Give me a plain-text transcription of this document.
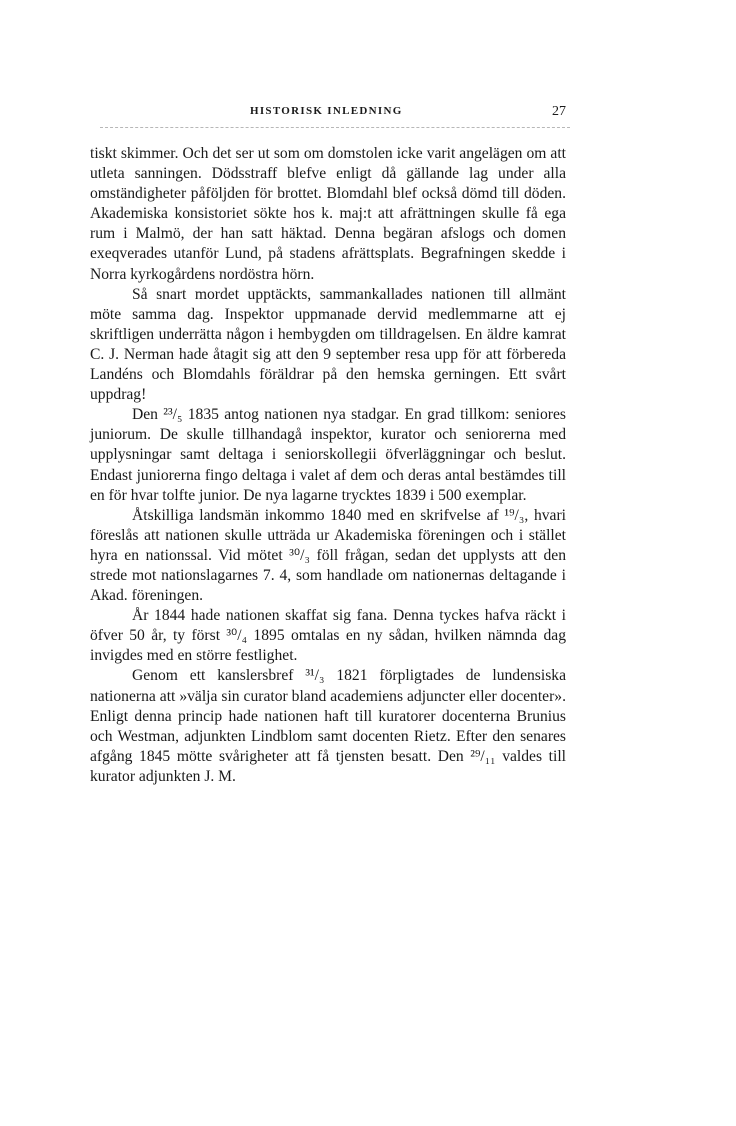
HISTORISK INLEDNING	27

tiskt skimmer. Och det ser ut som om domstolen icke varit angelägen om att utleta sanningen. Dödsstraff blefve enligt då gällande lag under alla omständigheter påföljden för brottet. Blomdahl blef också dömd till döden. Akademiska konsistoriet sökte hos k. maj:t att afrättningen skulle få ega rum i Malmö, der han satt häktad. Denna begäran afslogs och domen exeqverades utanför Lund, på stadens afrättsplats. Begrafningen skedde i Norra kyrkogårdens nordöstra hörn.

Så snart mordet upptäckts, sammankallades nationen till allmänt möte samma dag. Inspektor uppmanade dervid medlemmarne att ej skriftligen underrätta någon i hembygden om tilldragelsen. En äldre kamrat C. J. Nerman hade åtagit sig att den 9 september resa upp för att förbereda Landéns och Blomdahls föräldrar på den hemska gerningen. Ett svårt uppdrag!

Den ²³/₅ 1835 antog nationen nya stadgar. En grad tillkom: seniores juniorum. De skulle tillhandagå inspektor, kurator och seniorerna med upplysningar samt deltaga i seniorskollegii öfverläggningar och beslut. Endast juniorerna fingo deltaga i valet af dem och deras antal bestämdes till en för hvar tolfte junior. De nya lagarne trycktes 1839 i 500 exemplar.

Åtskilliga landsmän inkommo 1840 med en skrifvelse af ¹⁹/₃, hvari föreslås att nationen skulle utträda ur Akademiska föreningen och i stället hyra en nationssal. Vid mötet ³⁰/₃ föll frågan, sedan det upplysts att den strede mot nationslagarnes 7. 4, som handlade om nationernas deltagande i Akad. föreningen.

År 1844 hade nationen skaffat sig fana. Denna tyckes hafva räckt i öfver 50 år, ty först ³⁰/₄ 1895 omtalas en ny sådan, hvilken nämnda dag invigdes med en större festlighet.

Genom ett kanslersbref ³¹/₃ 1821 förpligtades de lundensiska nationerna att »välja sin curator bland academiens adjuncter eller docenter». Enligt denna princip hade nationen haft till kuratorer docenterna Brunius och Westman, adjunkten Lindblom samt docenten Rietz. Efter den senares afgång 1845 mötte svårigheter att få tjensten besatt. Den ²⁹/₁₁ valdes till kurator adjunkten J. M.
